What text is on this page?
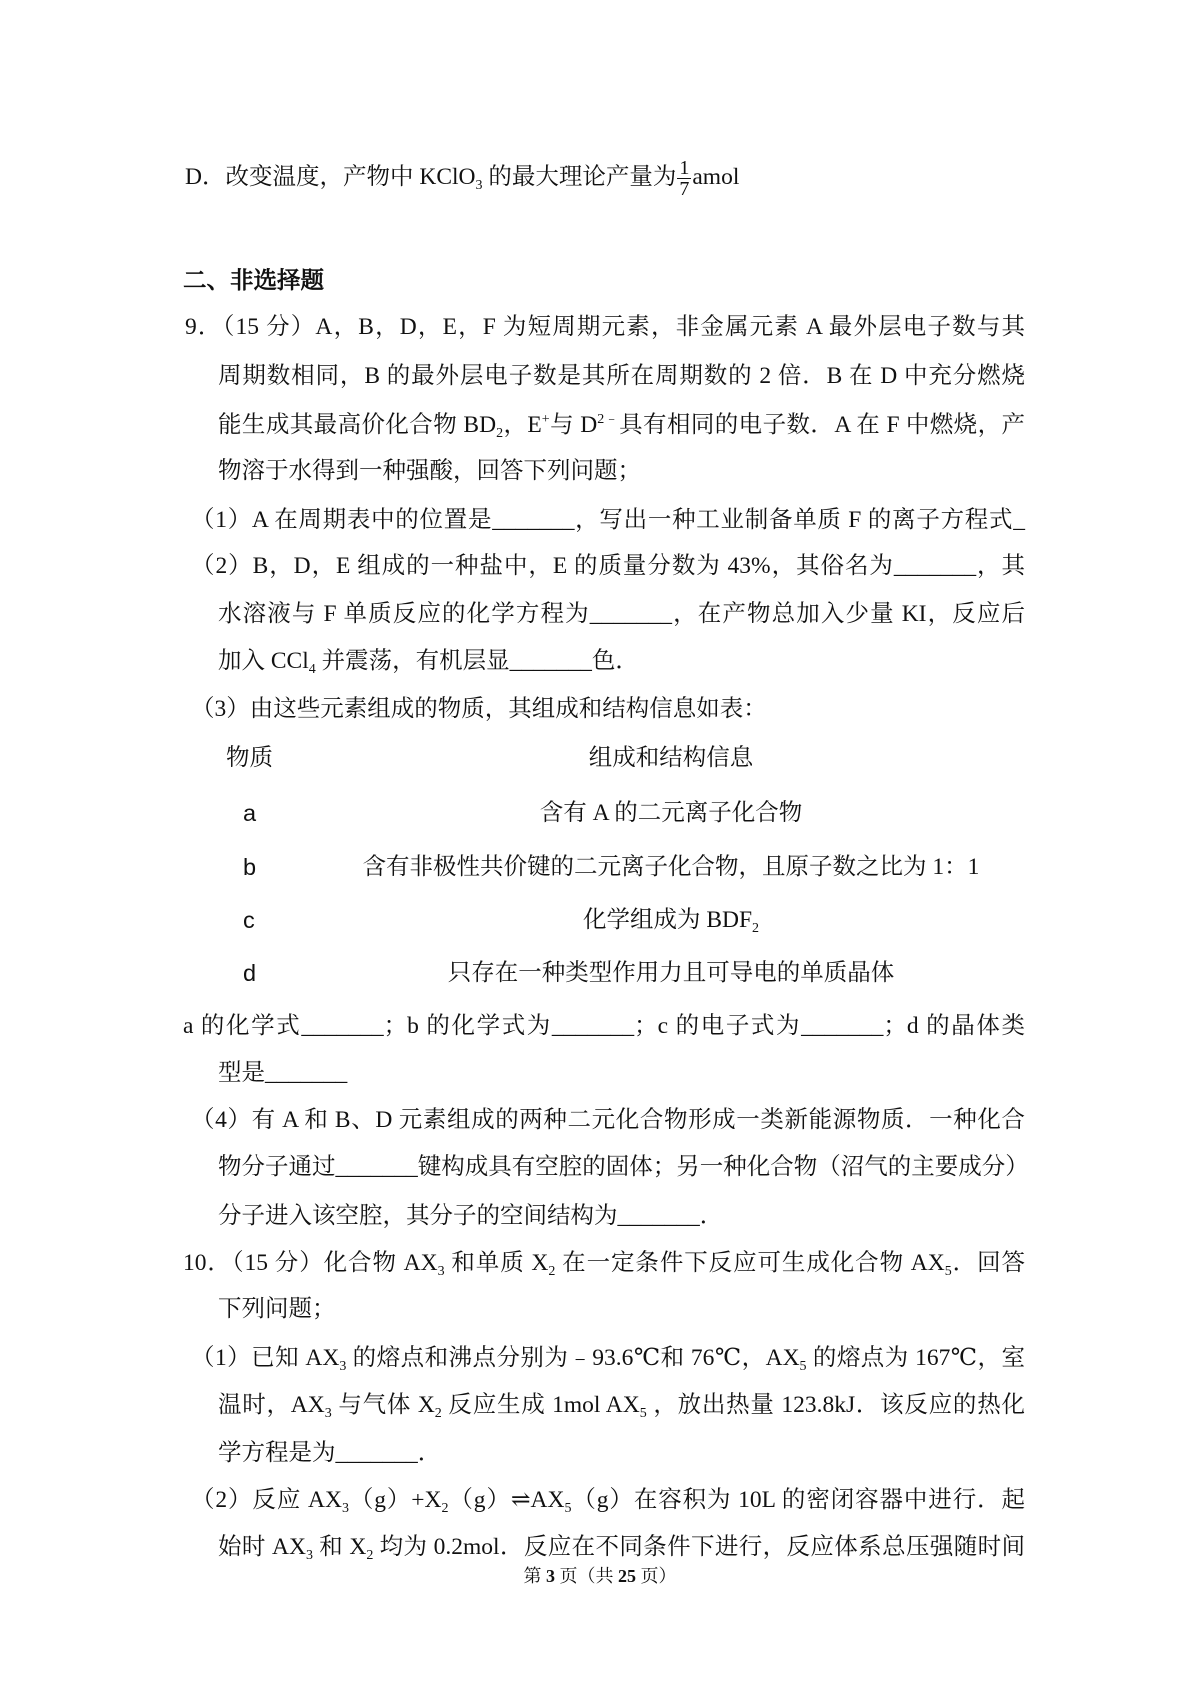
D．改变温度，产物中 KClO$_3$ 的最大理论产量为 $\frac{1}{7}$ amol
二、非选择题
9．（15 分）A，B，D，E，F 为短周期元素，非金属元素 A 最外层电子数与其
周期数相同，B 的最外层电子数是其所在周期数的 2 倍．B 在 D 中充分燃烧
能生成其最高价化合物 $BD_2$，E+与 $D^{2﹣}$具有相同的电子数．A 在 F 中燃烧，产
物溶于水得到一种强酸，回答下列问题；
（1）A 在周期表中的位置是_______，写出一种工业制备单质 F 的离子方程式_
（2）B，D，E 组成的一种盐中，E 的质量分数为 43%，其俗名为_______，其
水溶液与 F 单质反应的化学方程为_______，在产物总加入少量 KI，反应后
加入 CCl$_4$ 并震荡，有机层显_______色．
（3）由这些元素组成的物质，其组成和结构信息如表：
a 的化学式_______；b 的化学式为_______；c 的电子式为_______；d 的晶体类
型是_______
（4）有 A 和 B、D 元素组成的两种二元化合物形成一类新能源物质．一种化合
物分子通过_______键构成具有空腔的固体；另一种化合物（沼气的主要成分）
分子进入该空腔，其分子的空间结构为_______．
10．（15 分）化合物 $AX_3$ 和单质 $X_2$ 在一定条件下反应可生成化合物 $AX_5$．回答
下列问题；
（1）已知 $AX_3$ 的熔点和沸点分别为﹣93.6℃和 76℃，$AX_5$ 的熔点为 167℃，室
温时，$AX_3$ 与气体 $X_2$ 反应生成 1mol $AX_5$ ，放出热量 123.8kJ．该反应的热化
学方程是为_______．
（2）反应 $AX_3(g)+X_2(g)\rightleftharpoons AX_5(g)$在容积为 10L 的密闭容器中进行．起
始时 $AX_3$ 和 $X_2$ 均为 0.2mol．反应在不同条件下进行，反应体系总压强随时间
物质	组成和结构信息
a	含有 A 的二元离子化合物
b	含有非极性共价键的二元离子化合物，且原子数之比为 1：1
c	化学组成为 $BDF_2$
d	只存在一种类型作用力且可导电的单质晶体
第 3 页（共 25 页）
